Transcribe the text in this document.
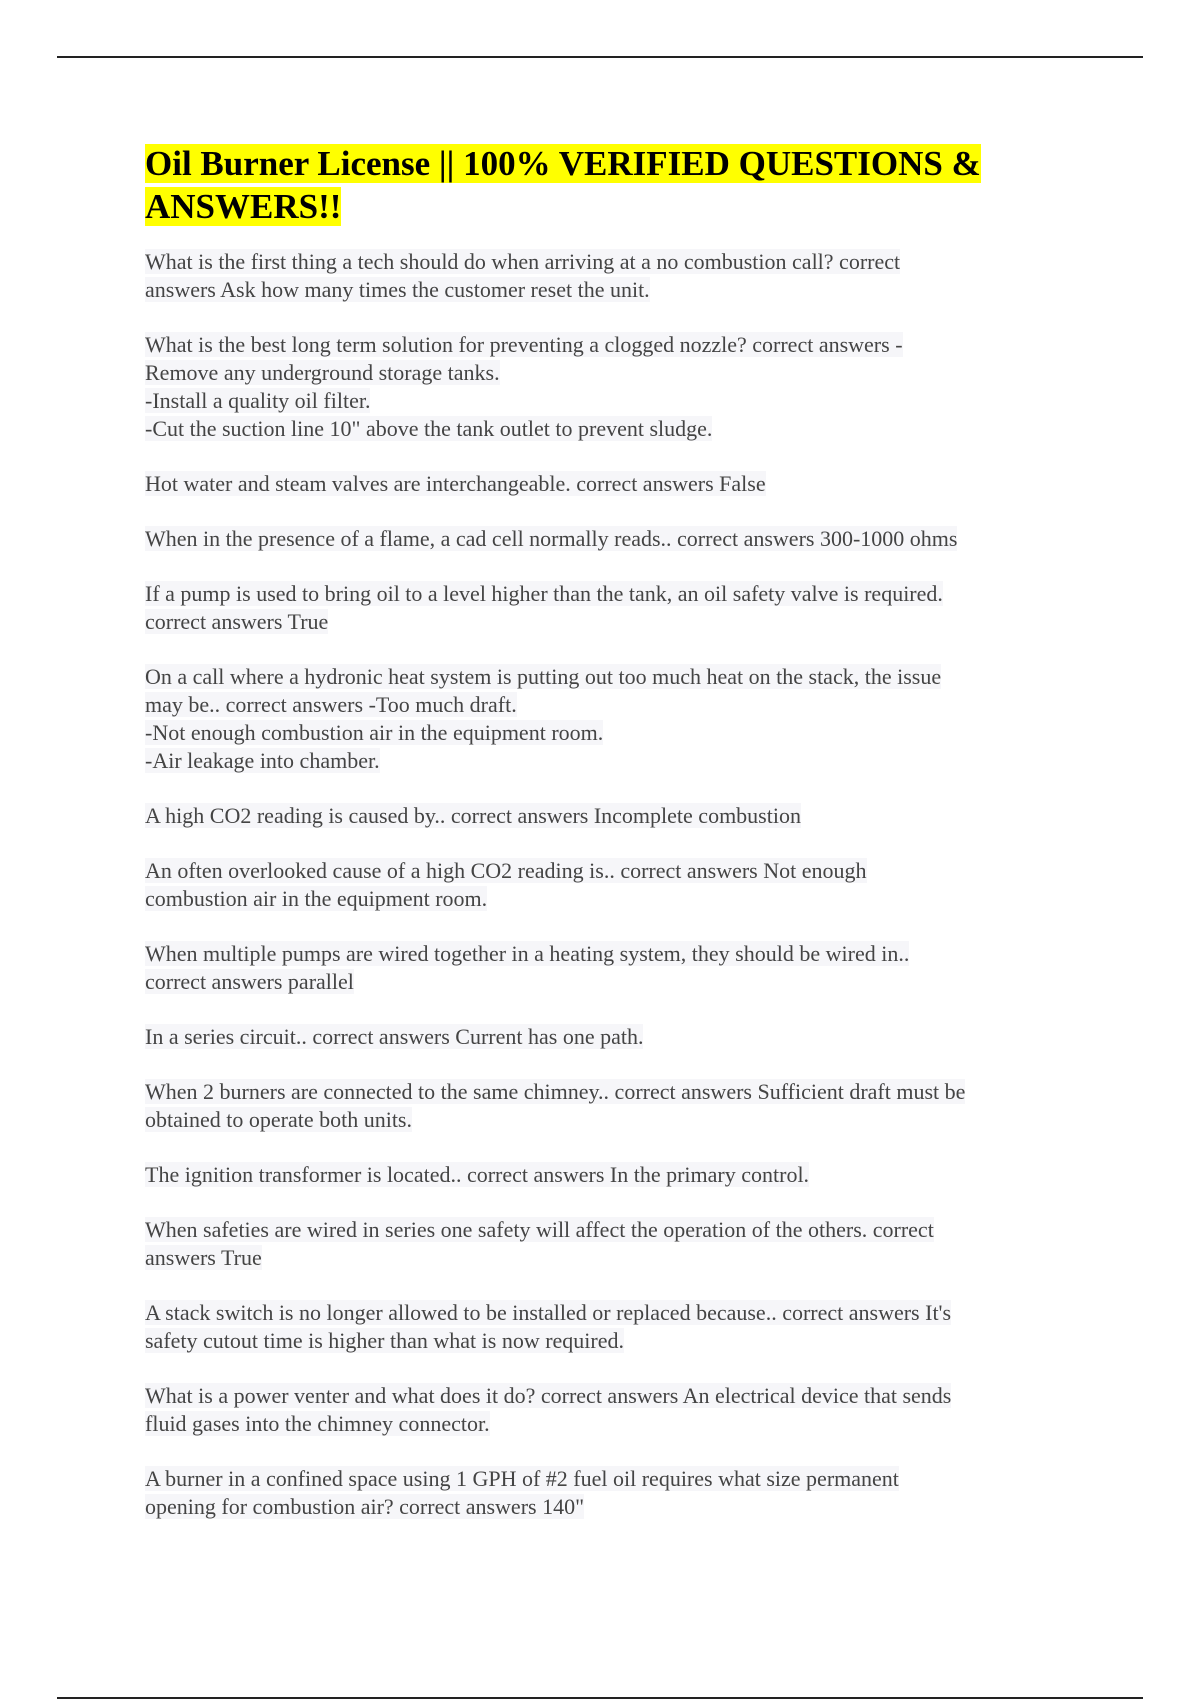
Oil Burner License || 100% VERIFIED QUESTIONS & ANSWERS!!
What is the first thing a tech should do when arriving at a no combustion call? correct
answers Ask how many times the customer reset the unit.
What is the best long term solution for preventing a clogged nozzle? correct answers -
Remove any underground storage tanks.
-Install a quality oil filter.
-Cut the suction line 10" above the tank outlet to prevent sludge.
Hot water and steam valves are interchangeable. correct answers False
When in the presence of a flame, a cad cell normally reads.. correct answers 300-1000 ohms
If a pump is used to bring oil to a level higher than the tank, an oil safety valve is required.
correct answers True
On a call where a hydronic heat system is putting out too much heat on the stack, the issue
may be.. correct answers -Too much draft.
-Not enough combustion air in the equipment room.
-Air leakage into chamber.
A high CO2 reading is caused by.. correct answers Incomplete combustion
An often overlooked cause of a high CO2 reading is.. correct answers Not enough
combustion air in the equipment room.
When multiple pumps are wired together in a heating system, they should be wired in..
correct answers parallel
In a series circuit.. correct answers Current has one path.
When 2 burners are connected to the same chimney.. correct answers Sufficient draft must be
obtained to operate both units.
The ignition transformer is located.. correct answers In the primary control.
When safeties are wired in series one safety will affect the operation of the others. correct
answers True
A stack switch is no longer allowed to be installed or replaced because.. correct answers It's
safety cutout time is higher than what is now required.
What is a power venter and what does it do? correct answers An electrical device that sends
fluid gases into the chimney connector.
A burner in a confined space using 1 GPH of #2 fuel oil requires what size permanent
opening for combustion air? correct answers 140"
